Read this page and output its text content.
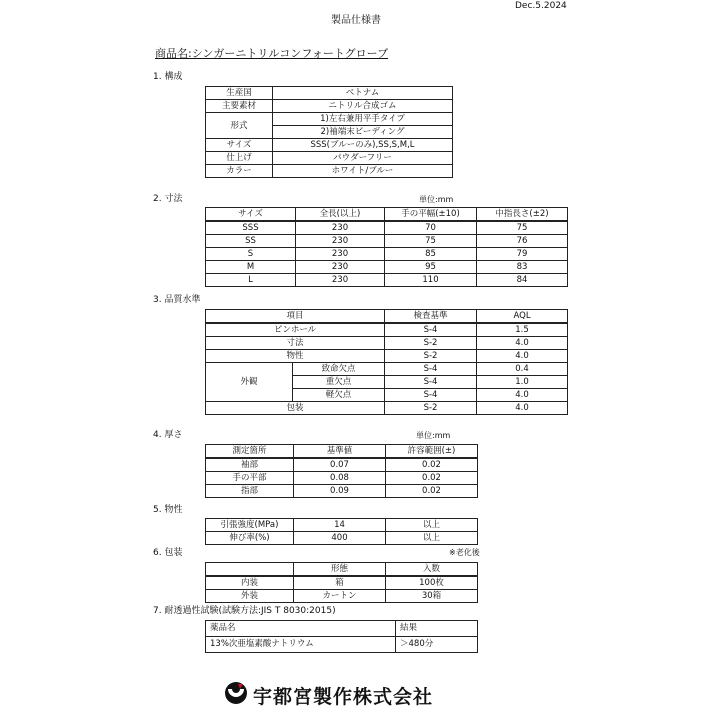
Dec.5.2024
製品仕様書
商品名:シンガーニトリルコンフォートグローブ
1. 構成
生産国	ベトナム
主要素材	ニトリル合成ゴム
形式	1)左右兼用平手タイプ
	2)袖端末ビーディング
サイズ	SSS(ブルーのみ),SS,S,M,L
仕上げ	パウダーフリー
カラー	ホワイト/ブルー
2. 寸法	単位:mm
サイズ	全長(以上)	手の平幅(±10)	中指長さ(±2)
SSS	230	70	75
SS	230	75	76
S	230	85	79
M	230	95	83
L	230	110	84
3. 品質水準
項目		検査基準	AQL
ピンホール		S-4	1.5
寸法		S-2	4.0
物性		S-2	4.0
外観	致命欠点	S-4	0.4
	重欠点	S-4	1.0
	軽欠点	S-4	4.0
包装		S-2	4.0
4. 厚さ	単位:mm
測定箇所	基準値	許容範囲(±)
袖部	0.07	0.02
手の平部	0.08	0.02
指部	0.09	0.02
5. 物性
引張強度(MPa)	14	以上
伸び率(%)	400	以上
※老化後
6. 包装
	形態	入数
内装	箱	100枚
外装	カートン	30箱
7. 耐透過性試験(試験方法:JIS T 8030:2015)
薬品名	結果
13%次亜塩素酸ナトリウム	＞480分
宇都宮製作株式会社
